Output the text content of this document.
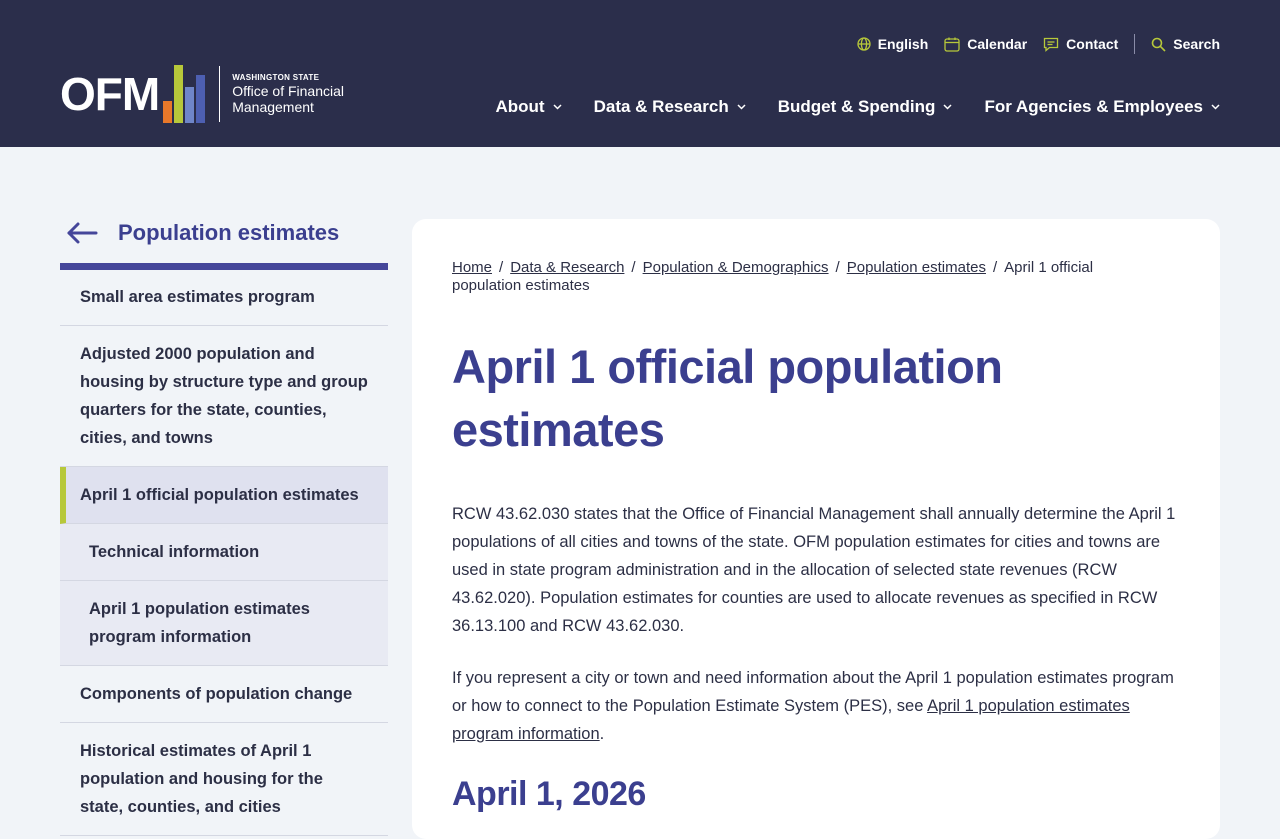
OFM	WASHINGTON STATE
Office of Financial
Management
English	Calendar	Contact	Search
About	Data & Research	Budget & Spending	For Agencies & Employees
Population estimates
Small area estimates program
Adjusted 2000 population and housing by structure type and group quarters for the state, counties, cities, and towns
April 1 official population estimates
Technical information
April 1 population estimates program information
Components of population change
Historical estimates of April 1 population and housing for the state, counties, and cities
Home / Data & Research / Population & Demographics / Population estimates / April 1 official population estimates
April 1 official population estimates

RCW 43.62.030 states that the Office of Financial Management shall annually determine the April 1 populations of all cities and towns of the state. OFM population estimates for cities and towns are used in state program administration and in the allocation of selected state revenues (RCW 43.62.020). Population estimates for counties are used to allocate revenues as specified in RCW 36.13.100 and RCW 43.62.030.

If you represent a city or town and need information about the April 1 population estimates program or how to connect to the Population Estimate System (PES), see April 1 population estimates program information.

April 1, 2026
